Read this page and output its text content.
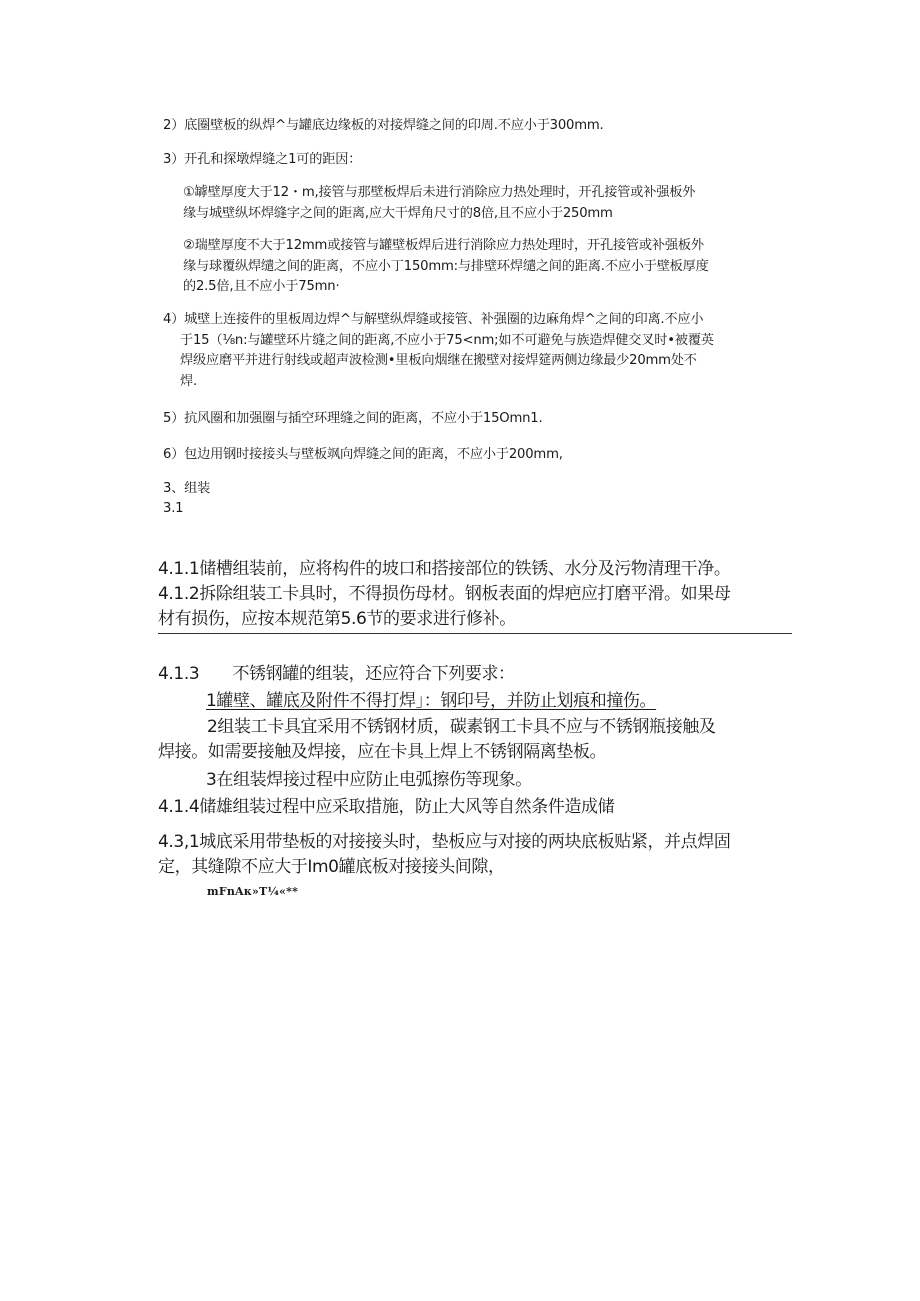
2）底圈壁板的纵焊^与罐底边缘板的对接焊缝之间的印周.不应小于300mm.
3）开孔和探墩焊缝之1可的距因：
①罅壁厚度大于12・m,接管与那壁板焊后未进行消除应力热处理时，开孔接管或补强板外
缘与城壁纵坏焊缝字之间的距离,应大干焊角尺寸的8倍,且不应小于250mm
②瑞壁厚度不大于12mm或接管与罐壁板焊后进行消除应力热处理时，开孔接管或补强板外
缘与球覆纵焊缱之间的距离，不应小丁150mm:与排壁环焊缱之间的距离.不应小于壁板厚度
的2.5倍,且不应小于75mn·
4）城壁上连接件的里板周边焊^与解壁纵焊缝或接管、补强圈的边麻角焊^之间的印离.不应小
于15（⅛n:与罐壁环片缝之间的距离,不应小于75<nm;如不可避免与族造焊健交叉时•被覆英
焊级应磨平并进行射线或超声波检测•里板向烟继在搬壁对接焊筵两侧边缘最少20mm处不
焊.
5）抗风圈和加强圈与插空环理缝之间的距离，不应小于15Omn1.
6）包边用钢时接接头与壁板飒向焊缝之间的距离，不应小于200mm,
3、组装
3.1
4.1.1储槽组装前，应将构件的坡口和搭接部位的铁锈、水分及污物清理干净。
4.1.2拆除组装工卡具时，不得损伤母材。钢板表面的焊疤应打磨平滑。如果母
材有损伤，应按本规范第5.6节的要求进行修补。
4.1.3　　不锈钢罐的组装，还应符合下列要求：
1罐壁、罐底及附件不得打焊」：钢印号，并防止划痕和撞伤。
2组装工卡具宜采用不锈钢材质，碳素钢工卡具不应与不锈钢瓶接触及
焊接。如需要接触及焊接，应在卡具上焊上不锈钢隔离垫板。
3在组装焊接过程中应防止电弧擦伤等现象。
4.1.4储雄组装过程中应采取措施，防止大风等自然条件造成储
4.3,1城底采用带垫板的对接接头时，垫板应与对接的两块底板贴紧，并点焊固
定，其缝隙不应大于Im0罐底板对接接头间隙，
mFnAк»T¼«**
